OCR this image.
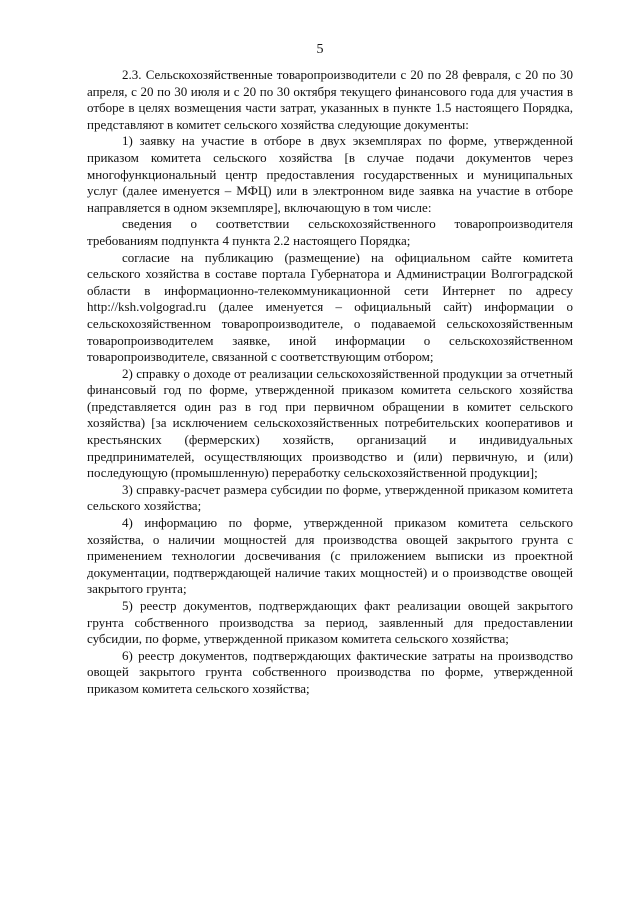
5

2.3. Сельскохозяйственные товаропроизводители с 20 по 28 февраля, с 20 по 30 апреля, с 20 по 30 июля и с 20 по 30 октября текущего финансового года для участия в отборе в целях возмещения части затрат, указанных в пункте 1.5 настоящего Порядка, представляют в комитет сельского хозяйства следующие документы:

1) заявку на участие в отборе в двух экземплярах по форме, утвержденной приказом комитета сельского хозяйства [в случае подачи документов через многофункциональный центр предоставления государственных и муниципальных услуг (далее именуется – МФЦ) или в электронном виде заявка на участие в отборе направляется в одном экземпляре], включающую в том числе:

сведения о соответствии сельскохозяйственного товаропроизводителя требованиям подпункта 4 пункта 2.2 настоящего Порядка;

согласие на публикацию (размещение) на официальном сайте комитета сельского хозяйства в составе портала Губернатора и Администрации Волгоградской области в информационно-телекоммуникационной сети Интернет по адресу http://ksh.volgograd.ru (далее именуется – официальный сайт) информации о сельскохозяйственном товаропроизводителе, о подаваемой сельскохозяйственным товаропроизводителем заявке, иной информации о сельскохозяйственном товаропроизводителе, связанной с соответствующим отбором;

2) справку о доходе от реализации сельскохозяйственной продукции за отчетный финансовый год по форме, утвержденной приказом комитета сельского хозяйства (представляется один раз в год при первичном обращении в комитет сельского хозяйства) [за исключением сельскохозяйственных потребительских кооперативов и крестьянских (фермерских) хозяйств, организаций и индивидуальных предпринимателей, осуществляющих производство и (или) первичную, и (или) последующую (промышленную) переработку сельскохозяйственной продукции];

3) справку-расчет размера субсидии по форме, утвержденной приказом комитета сельского хозяйства;

4) информацию по форме, утвержденной приказом комитета сельского хозяйства, о наличии мощностей для производства овощей закрытого грунта с применением технологии досвечивания (с приложением выписки из проектной документации, подтверждающей наличие таких мощностей) и о производстве овощей закрытого грунта;

5) реестр документов, подтверждающих факт реализации овощей закрытого грунта собственного производства за период, заявленный для предоставлении субсидии, по форме, утвержденной приказом комитета сельского хозяйства;

6) реестр документов, подтверждающих фактические затраты на производство овощей закрытого грунта собственного производства по форме, утвержденной приказом комитета сельского хозяйства;
